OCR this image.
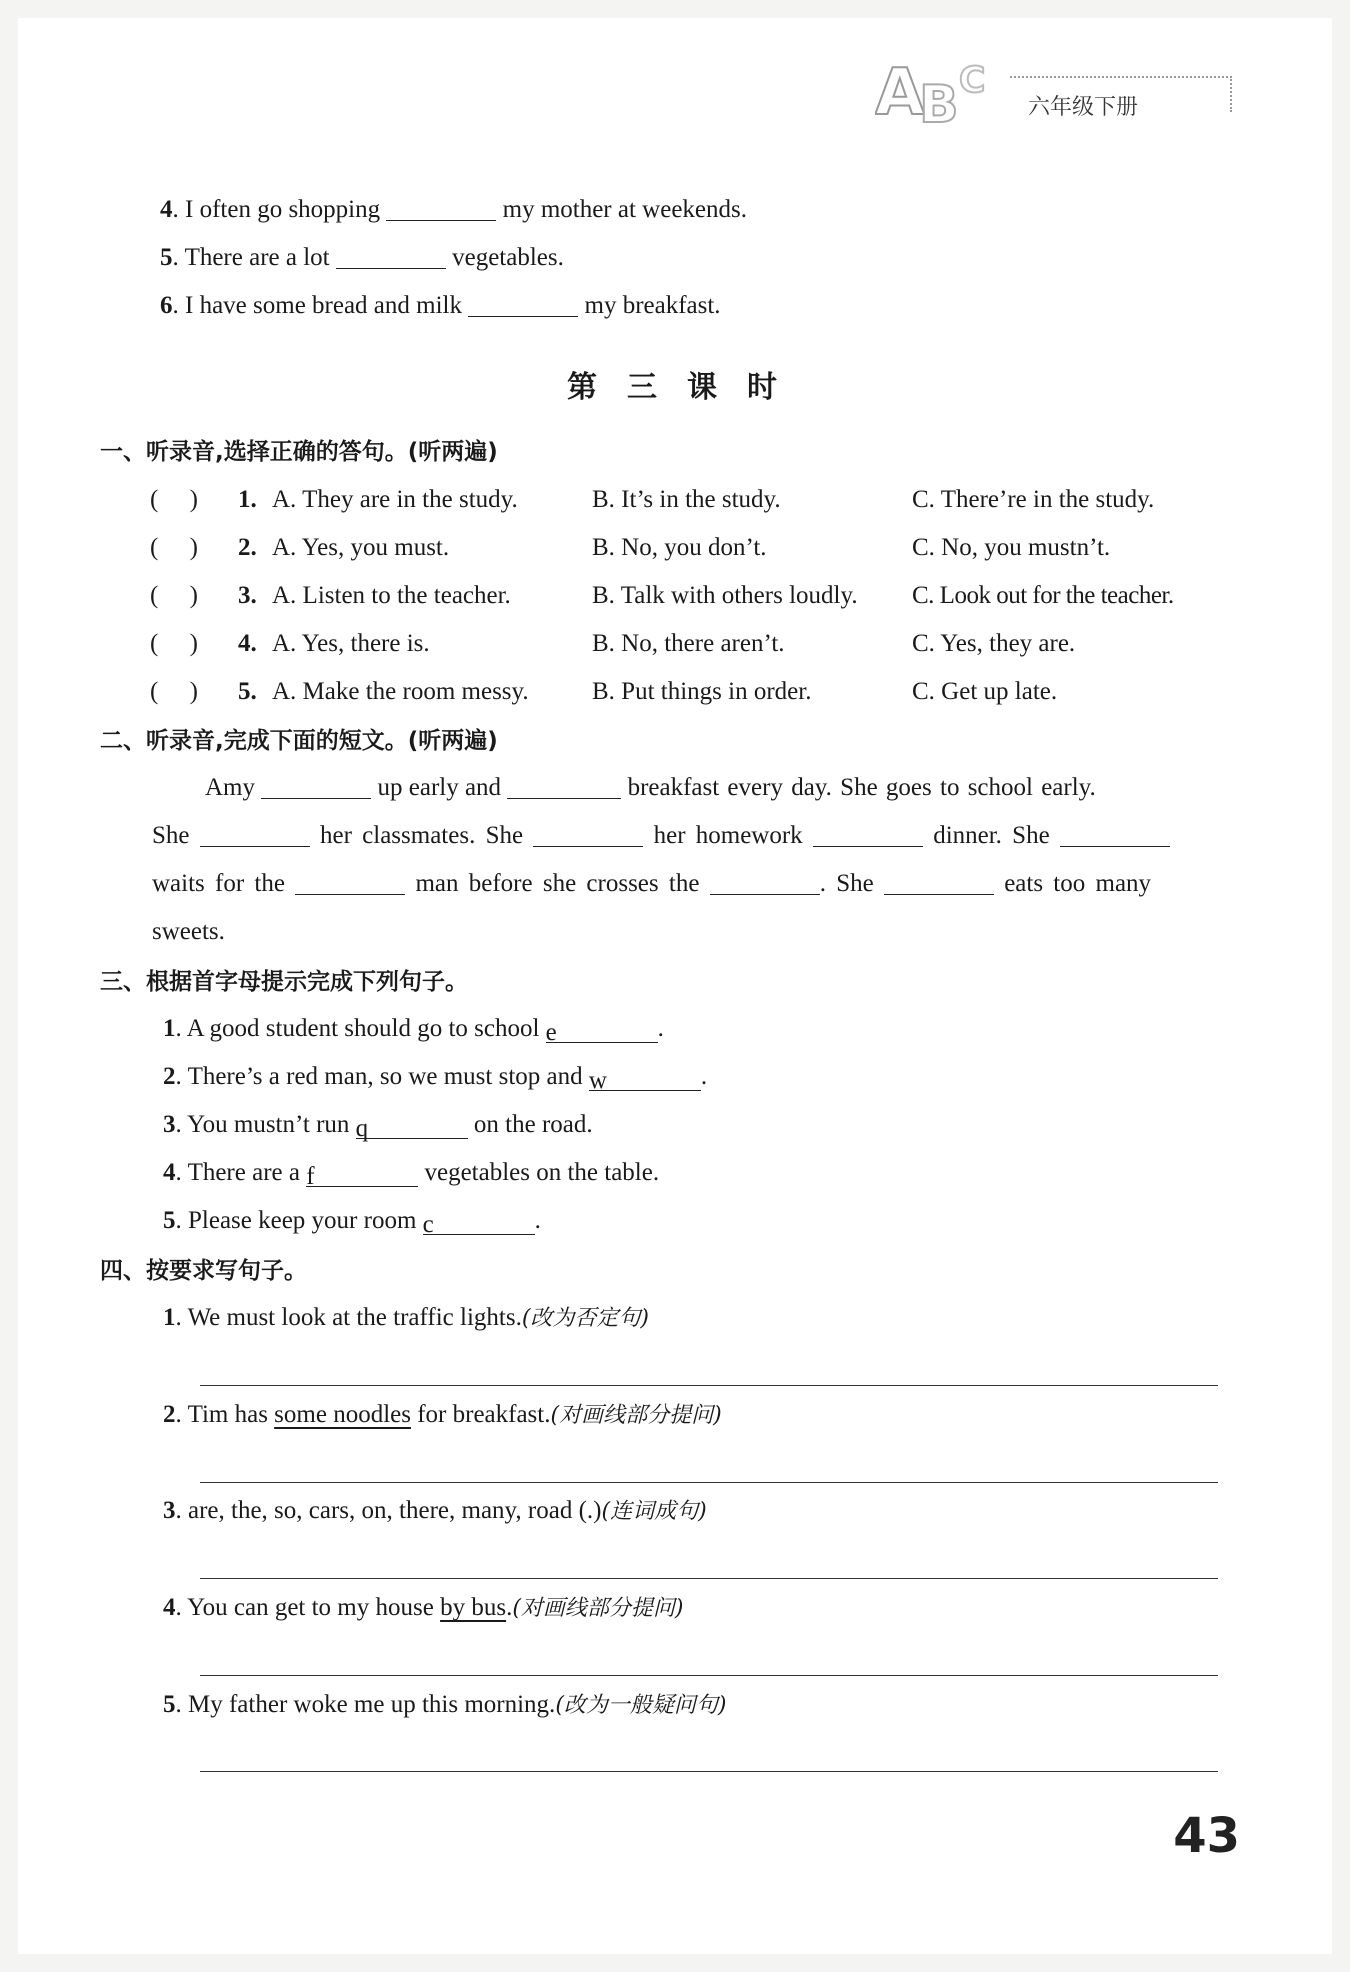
A
B C
六年级下册
4. I often go shopping	my mother at weekends.
5. There are a lot	vegetables.
6. I have some bread and milk	my breakfast.
第三课时
一、听录音,选择正确的答句。(听两遍)
(     ) 1. A. They are in the study.	B. It’s in the study.	C. There’re in the study.
(     ) 2. A. Yes, you must.	B. No, you don’t.	C. No, you mustn’t.
(     ) 3. A. Listen to the teacher.	B. Talk with others loudly. C. Look out for the teacher.
(     ) 4. A. Yes, there is.	B. No, there aren’t.	C. Yes, they are.
(     ) 5. A. Make the room messy.	B. Put things in order.	C. Get up late.
二、听录音,完成下面的短文。(听两遍)
Amy	up early and	breakfast every day. She goes to school early.
She	her classmates. She	her homework	dinner. She
waits for the	man before she crosses the	. She	eats too many
sweets.
三、根据首字母提示完成下列句子。
1. A good student should go to school e	.
2. There’s a red man, so we must stop and w	.
3. You mustn’t run q	on the road.
4. There are a f	vegetables on the table.
5. Please keep your room c	.
四、按要求写句子。
1. We must look at the traffic lights.(改为否定句)
2. Tim has some noodles for breakfast.(对画线部分提问)
3. are, the, so, cars, on, there, many, road (.)(连词成句)
4. You can get to my house by bus.(对画线部分提问)
5. My father woke me up this morning.(改为一般疑问句)
43
